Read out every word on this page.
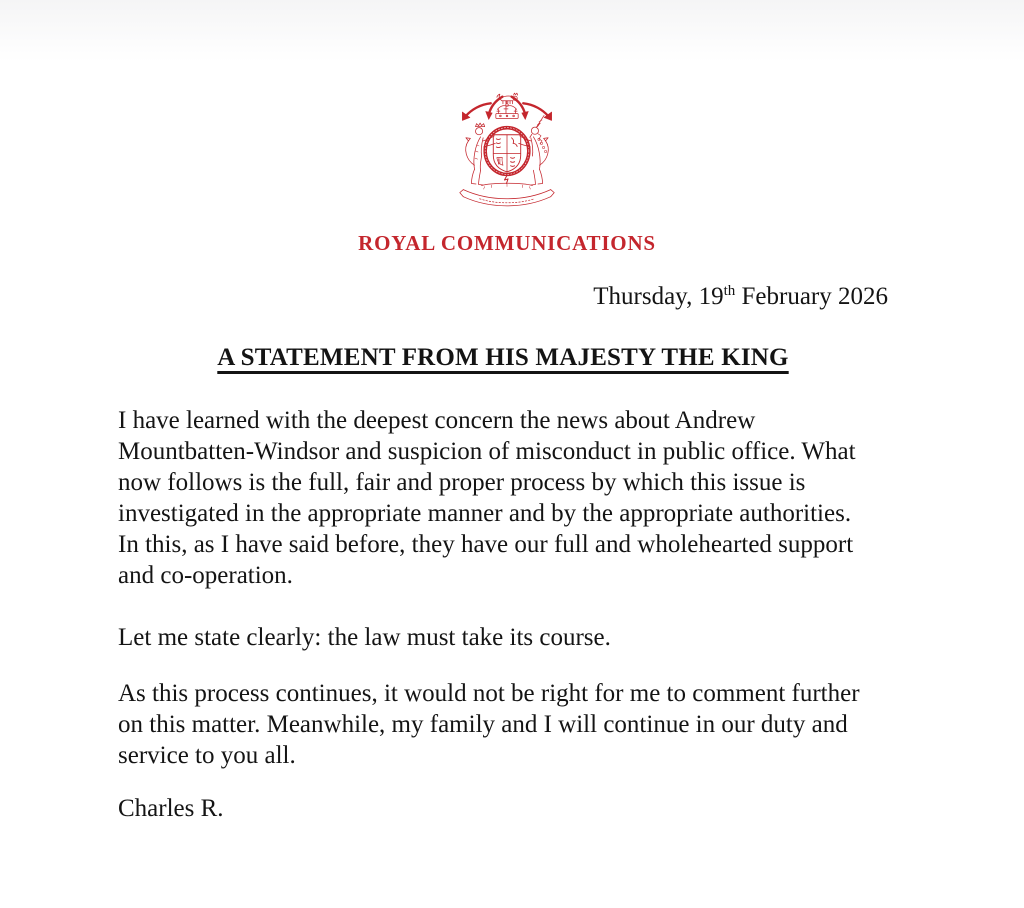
ROYAL COMMUNICATIONS
Thursday, 19th February 2026
A STATEMENT FROM HIS MAJESTY THE KING
I have learned with the deepest concern the news about Andrew
Mountbatten-Windsor and suspicion of misconduct in public office. What
now follows is the full, fair and proper process by which this issue is
investigated in the appropriate manner and by the appropriate authorities.
In this, as I have said before, they have our full and wholehearted support
and co-operation.
Let me state clearly: the law must take its course.
As this process continues, it would not be right for me to comment further
on this matter. Meanwhile, my family and I will continue in our duty and
service to you all.
Charles R.
